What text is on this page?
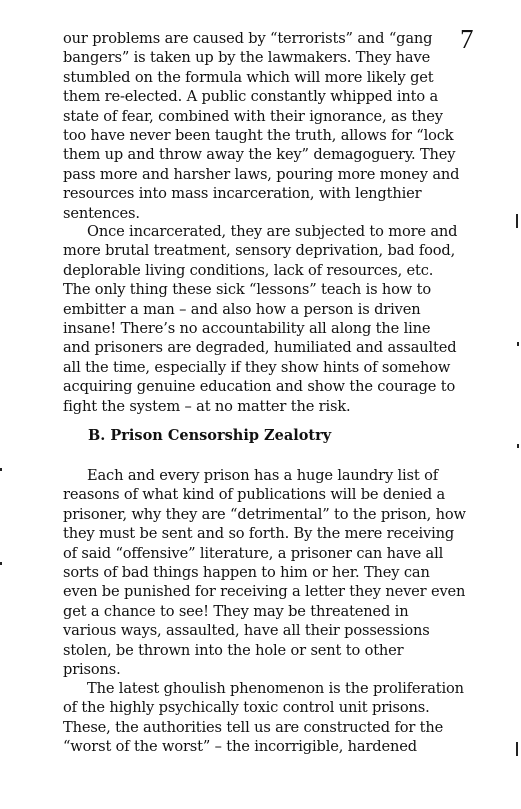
7
our problems are caused by “terrorists” and “gang
bangers” is taken up by the lawmakers. They have
stumbled on the formula which will more likely get
them re-elected. A public constantly whipped into a
state of fear, combined with their ignorance, as they
too have never been taught the truth, allows for “lock
them up and throw away the key” demagoguery. They
pass more and harsher laws, pouring more money and
resources into mass incarceration, with lengthier
sentences.
Once incarcerated, they are subjected to more and
more brutal treatment, sensory deprivation, bad food,
deplorable living conditions, lack of resources, etc.
The only thing these sick “lessons” teach is how to
embitter a man – and also how a person is driven
insane! There’s no accountability all along the line
and prisoners are degraded, humiliated and assaulted
all the time, especially if they show hints of somehow
acquiring genuine education and show the courage to
fight the system – at no matter the risk.
B. Prison Censorship Zealotry
Each and every prison has a huge laundry list of
reasons of what kind of publications will be denied a
prisoner, why they are “detrimental” to the prison, how
they must be sent and so forth. By the mere receiving
of said “offensive” literature, a prisoner can have all
sorts of bad things happen to him or her. They can
even be punished for receiving a letter they never even
get a chance to see! They may be threatened in
various ways, assaulted, have all their possessions
stolen, be thrown into the hole or sent to other
prisons.
The latest ghoulish phenomenon is the proliferation
of the highly psychically toxic control unit prisons.
These, the authorities tell us are constructed for the
“worst of the worst” – the incorrigible, hardened
